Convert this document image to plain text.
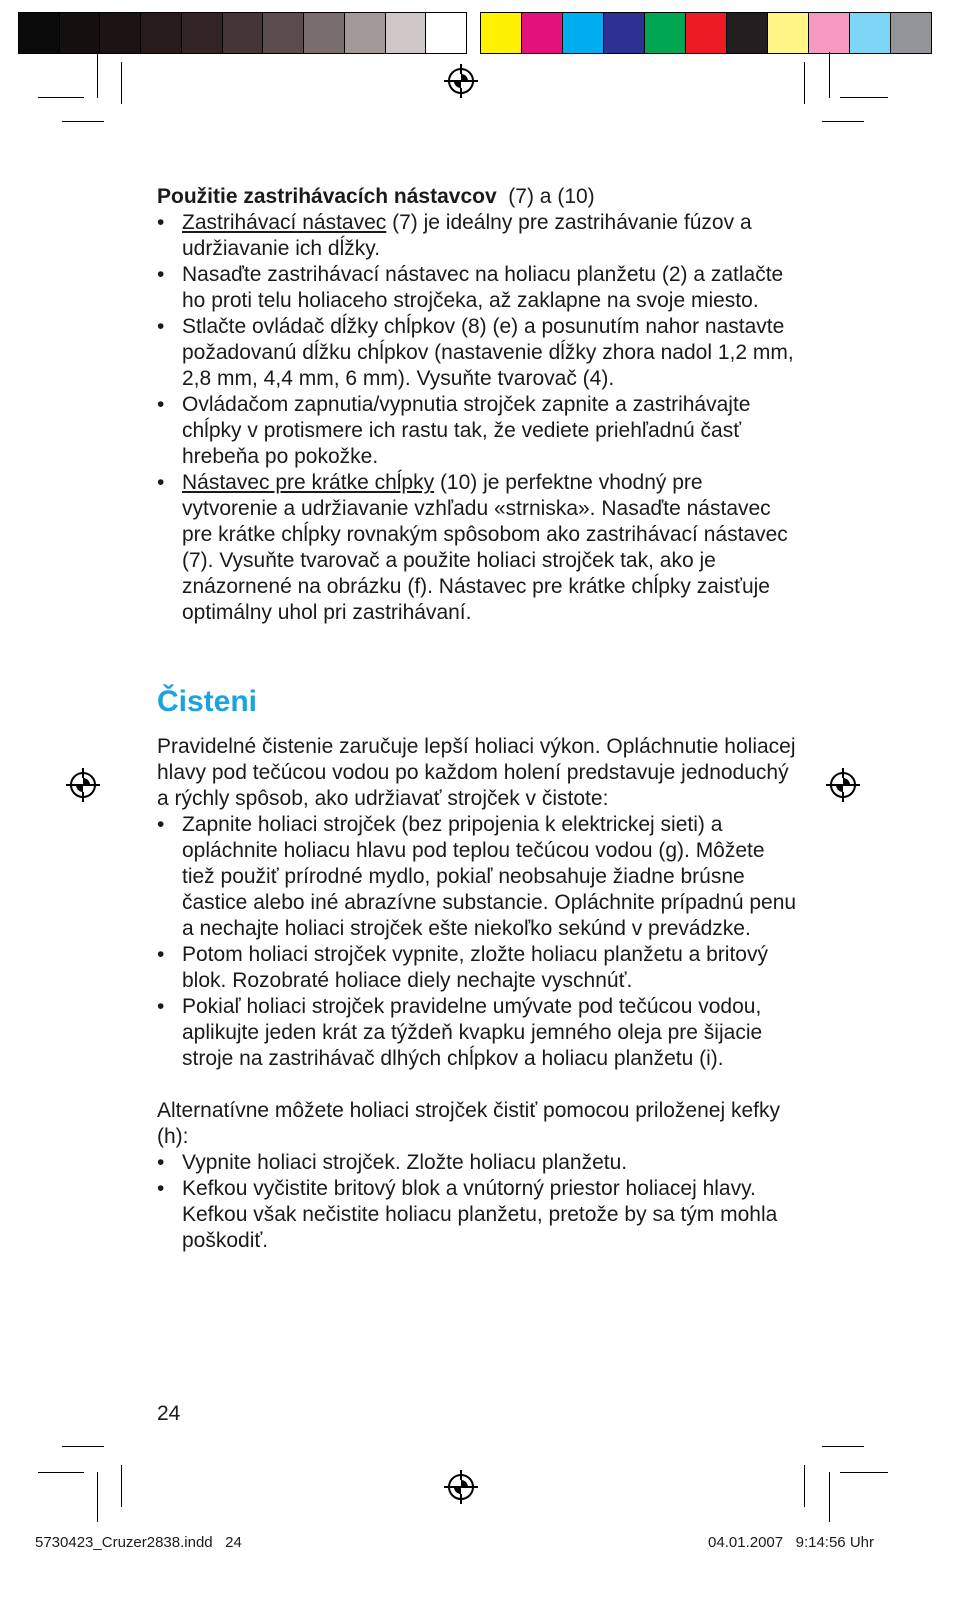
Použitie zastrihávacích nástavcov  (7) a (10)

• Zastrihávací nástavec (7) je ideálny pre zastrihávanie fúzov a udržiavanie ich dĺžky.
• Nasaďte zastrihávací nástavec na holiacu planžetu (2) a zatlačte ho proti telu holiaceho strojčeka, až zaklapne na svoje miesto.
• Stlačte ovládač dĺžky chĺpkov (8) (e) a posunutím nahor nastavte požadovanú dĺžku chĺpkov (nastavenie dĺžky zhora nadol 1,2 mm, 2,8 mm, 4,4 mm, 6 mm). Vysuňte tvarovač (4).
• Ovládačom zapnutia/vypnutia strojček zapnite a zastrihávajte chĺpky v protismere ich rastu tak, že vediete priehľadnú časť hrebeňa po pokožke.
• Nástavec pre krátke chĺpky (10) je perfektne vhodný pre vytvorenie a udržiavanie vzhľadu «strniska». Nasaďte nástavec pre krátke chĺpky rovnakým spôsobom ako zastrihávací nástavec (7). Vysuňte tvarovač a použite holiaci strojček tak, ako je znázornené na obrázku (f). Nástavec pre krátke chĺpky zaisťuje optimálny uhol pri zastrihávaní.
Čisteni

Pravidelné čistenie zaručuje lepší holiaci výkon. Opláchnutie holiacej hlavy pod tečúcou vodou po každom holení predstavuje jednoduchý a rýchly spôsob, ako udržiavať strojček v čistote:

• Zapnite holiaci strojček (bez pripojenia k elektrickej sieti) a opláchnite holiacu hlavu pod teplou tečúcou vodou (g). Môžete tiež použiť prírodné mydlo, pokiaľ neobsahuje žiadne brúsne častice alebo iné abrazívne substancie. Opláchnite prípadnú penu a nechajte holiaci strojček ešte niekoľko sekúnd v prevádzke.
• Potom holiaci strojček vypnite, zložte holiacu planžetu a britový blok. Rozobraté holiace diely nechajte vyschnúť.
• Pokiaľ holiaci strojček pravidelne umývate pod tečúcou vodou, aplikujte jeden krát za týždeň kvapku jemného oleja pre šijacie stroje na zastrihávač dlhých chĺpkov a holiacu planžetu (i).

Alternatívne môžete holiaci strojček čistiť pomocou priloženej kefky (h):

• Vypnite holiaci strojček. Zložte holiacu planžetu.
• Kefkou vyčistite britový blok a vnútorný priestor holiacej hlavy. Kefkou však nečistite holiacu planžetu, pretože by sa tým mohla poškodiť.
24
5730423_Cruzer2838.indd   24	04.01.2007   9:14:56 Uhr
